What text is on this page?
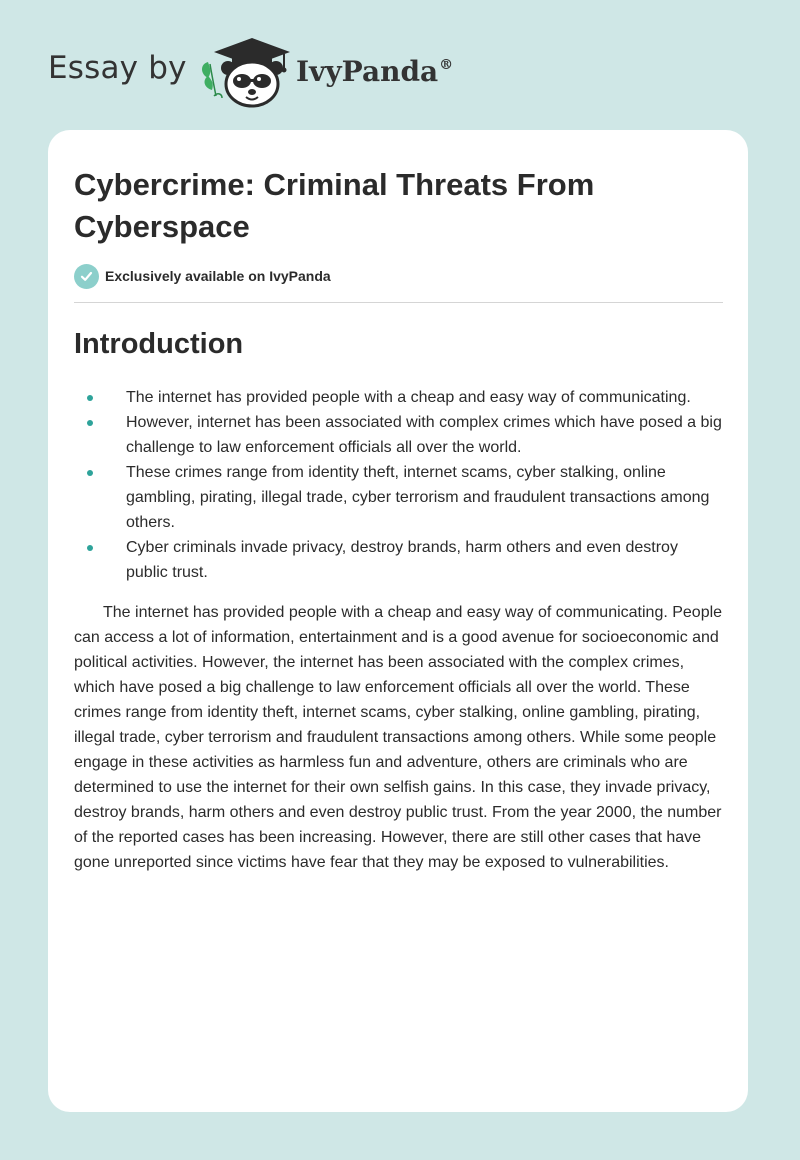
Essay by	IvyPanda®
Cybercrime: Criminal Threats From Cyberspace
Exclusively available on IvyPanda
Introduction
The internet has provided people with a cheap and easy way of communicating.
However, internet has been associated with complex crimes which have posed a big challenge to law enforcement officials all over the world.
These crimes range from identity theft, internet scams, cyber stalking, online gambling, pirating, illegal trade, cyber terrorism and fraudulent transactions among others.
Cyber criminals invade privacy, destroy brands, harm others and even destroy public trust.

The internet has provided people with a cheap and easy way of communicating. People can access a lot of information, entertainment and is a good avenue for socioeconomic and political activities. However, the internet has been associated with the complex crimes, which have posed a big challenge to law enforcement officials all over the world. These crimes range from identity theft, internet scams, cyber stalking, online gambling, pirating, illegal trade, cyber terrorism and fraudulent transactions among others. While some people engage in these activities as harmless fun and adventure, others are criminals who are determined to use the internet for their own selfish gains. In this case, they invade privacy, destroy brands, harm others and even destroy public trust. From the year 2000, the number of the reported cases has been increasing. However, there are still other cases that have gone unreported since victims have fear that they may be exposed to vulnerabilities.
